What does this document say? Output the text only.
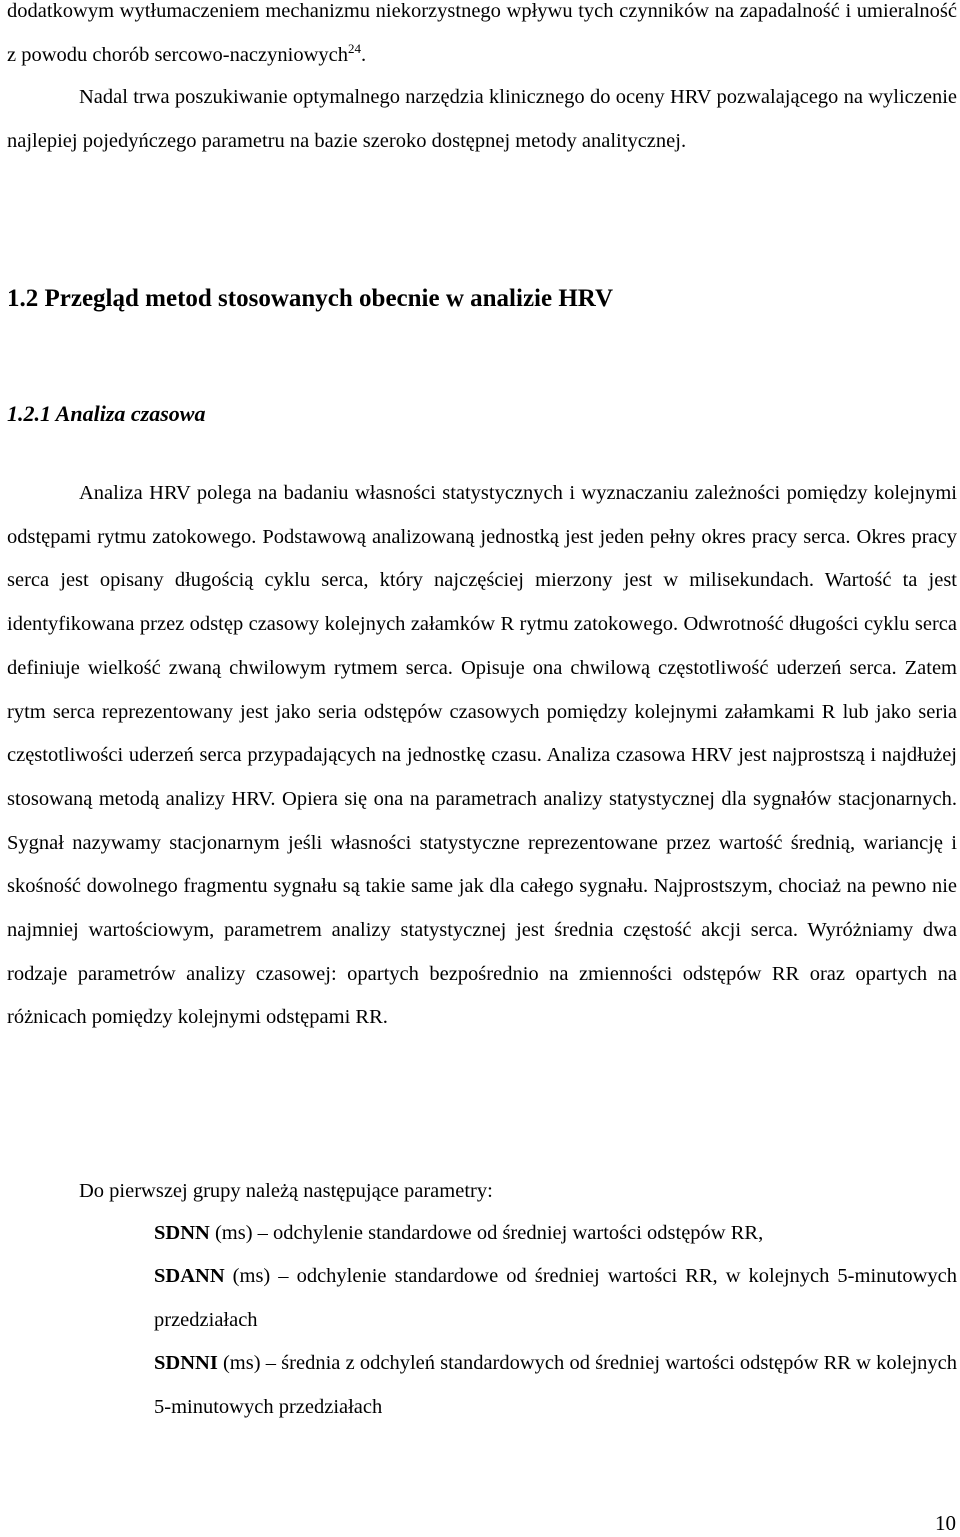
dodatkowym wytłumaczeniem mechanizmu niekorzystnego wpływu tych czynników na zapadalność i umieralność z powodu chorób sercowo-naczyniowych$^{24}$.

Nadal trwa poszukiwanie optymalnego narzędzia klinicznego do oceny HRV pozwalającego na wyliczenie najlepiej pojedyńczego parametru na bazie szeroko dostępnej metody analitycznej.

1.2 Przegląd metod stosowanych obecnie w analizie HRV
1.2.1 Analiza czasowa

Analiza HRV polega na badaniu własności statystycznych i wyznaczaniu zależności pomiędzy kolejnymi odstępami rytmu zatokowego. Podstawową analizowaną jednostką jest jeden pełny okres pracy serca. Okres pracy serca jest opisany długością cyklu serca, który najczęściej mierzony jest w milisekundach. Wartość ta jest identyfikowana przez odstęp czasowy kolejnych załamków R rytmu zatokowego. Odwrotność długości cyklu serca definiuje wielkość zwaną chwilowym rytmem serca. Opisuje ona chwilową częstotliwość uderzeń serca. Zatem rytm serca reprezentowany jest jako seria odstępów czasowych pomiędzy kolejnymi załamkami R lub jako seria częstotliwości uderzeń serca przypadających na jednostkę czasu. Analiza czasowa HRV jest najprostszą i najdłużej stosowaną metodą analizy HRV. Opiera się ona na parametrach analizy statystycznej dla sygnałów stacjonarnych. Sygnał nazywamy stacjonarnym jeśli własności statystyczne reprezentowane przez wartość średnią, wariancję i skośność dowolnego fragmentu sygnału są takie same jak dla całego sygnału. Najprostszym, chociaż na pewno nie najmniej wartościowym, parametrem analizy statystycznej jest średnia częstość akcji serca. Wyróżniamy dwa rodzaje parametrów analizy czasowej: opartych bezpośrednio na zmienności odstępów RR oraz opartych na różnicach pomiędzy kolejnymi odstępami RR.

Do pierwszej grupy należą następujące parametry:

SDNN (ms) – odchylenie standardowe od średniej wartości odstępów RR,

SDANN (ms) – odchylenie standardowe od średniej wartości RR, w kolejnych 5-minutowych przedziałach

SDNNI (ms) – średnia z odchyleń standardowych od średniej wartości odstępów RR w kolejnych 5-minutowych przedziałach

10
